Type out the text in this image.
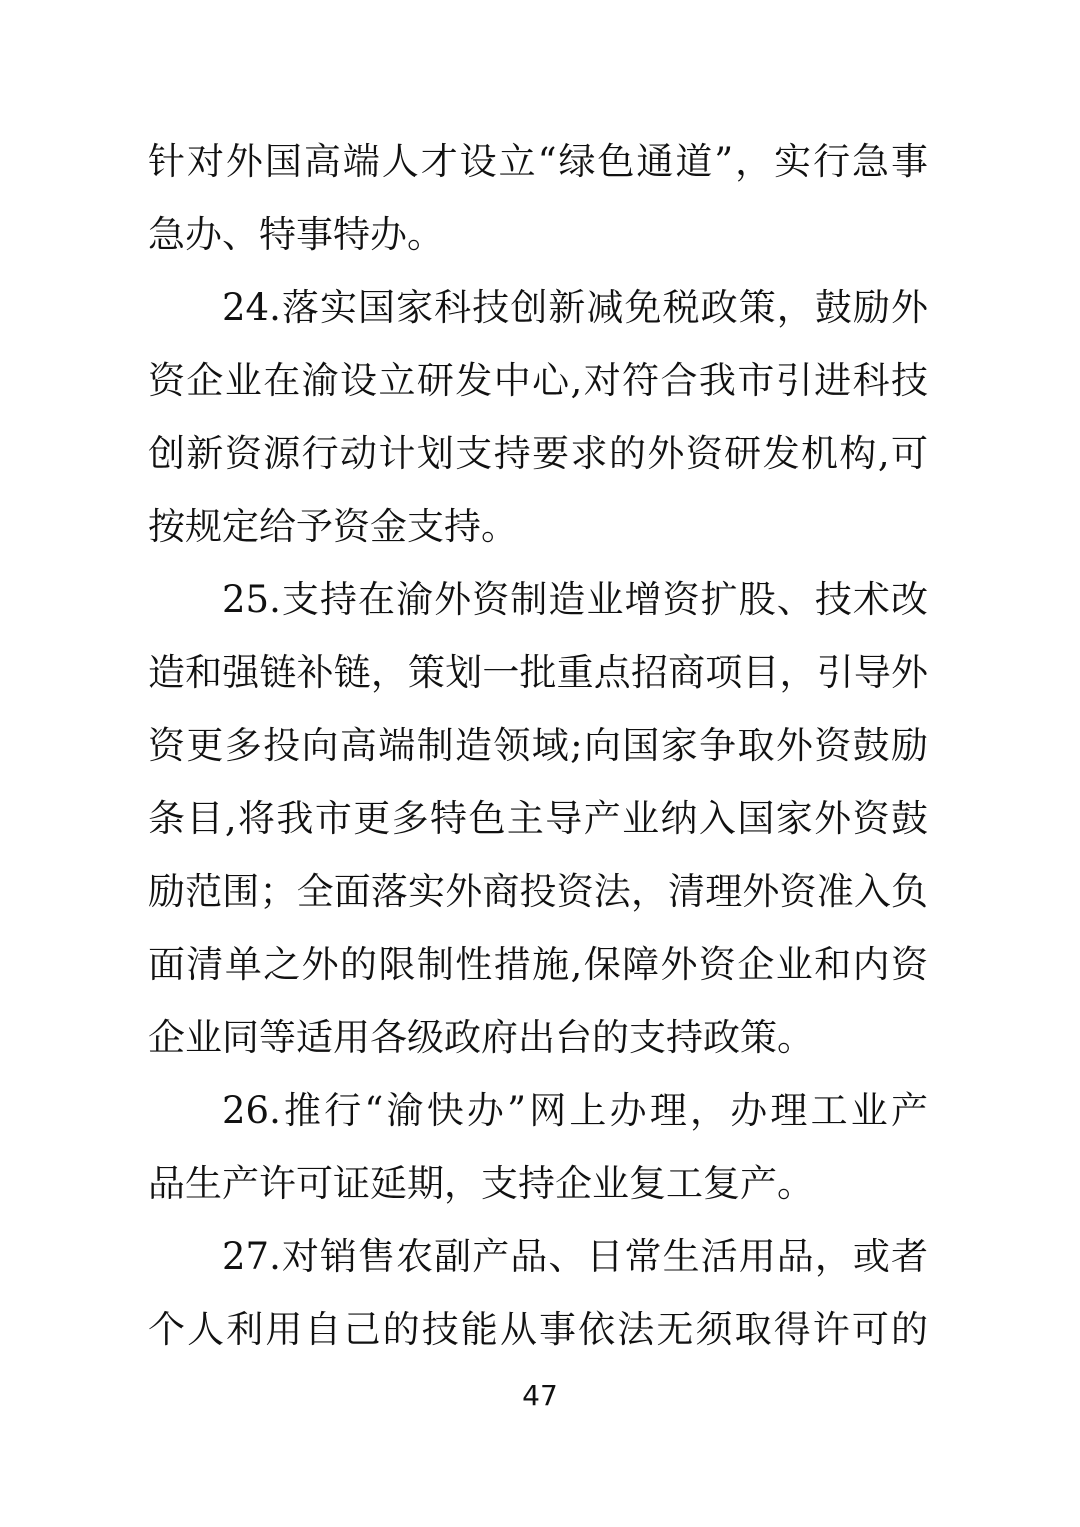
针对外国高端人才设立“绿色通道”，实行急事
急办、特事特办。
24.落实国家科技创新减免税政策，鼓励外
资企业在渝设立研发中心,对符合我市引进科技
创新资源行动计划支持要求的外资研发机构,可
按规定给予资金支持。
25.支持在渝外资制造业增资扩股、技术改
造和强链补链，策划一批重点招商项目，引导外
资更多投向高端制造领域;向国家争取外资鼓励
条目,将我市更多特色主导产业纳入国家外资鼓
励范围；全面落实外商投资法，清理外资准入负
面清单之外的限制性措施,保障外资企业和内资
企业同等适用各级政府出台的支持政策。
26.推行“渝快办”网上办理，办理工业产
品生产许可证延期，支持企业复工复产。
27.对销售农副产品、日常生活用品，或者
个人利用自己的技能从事依法无须取得许可的
47
